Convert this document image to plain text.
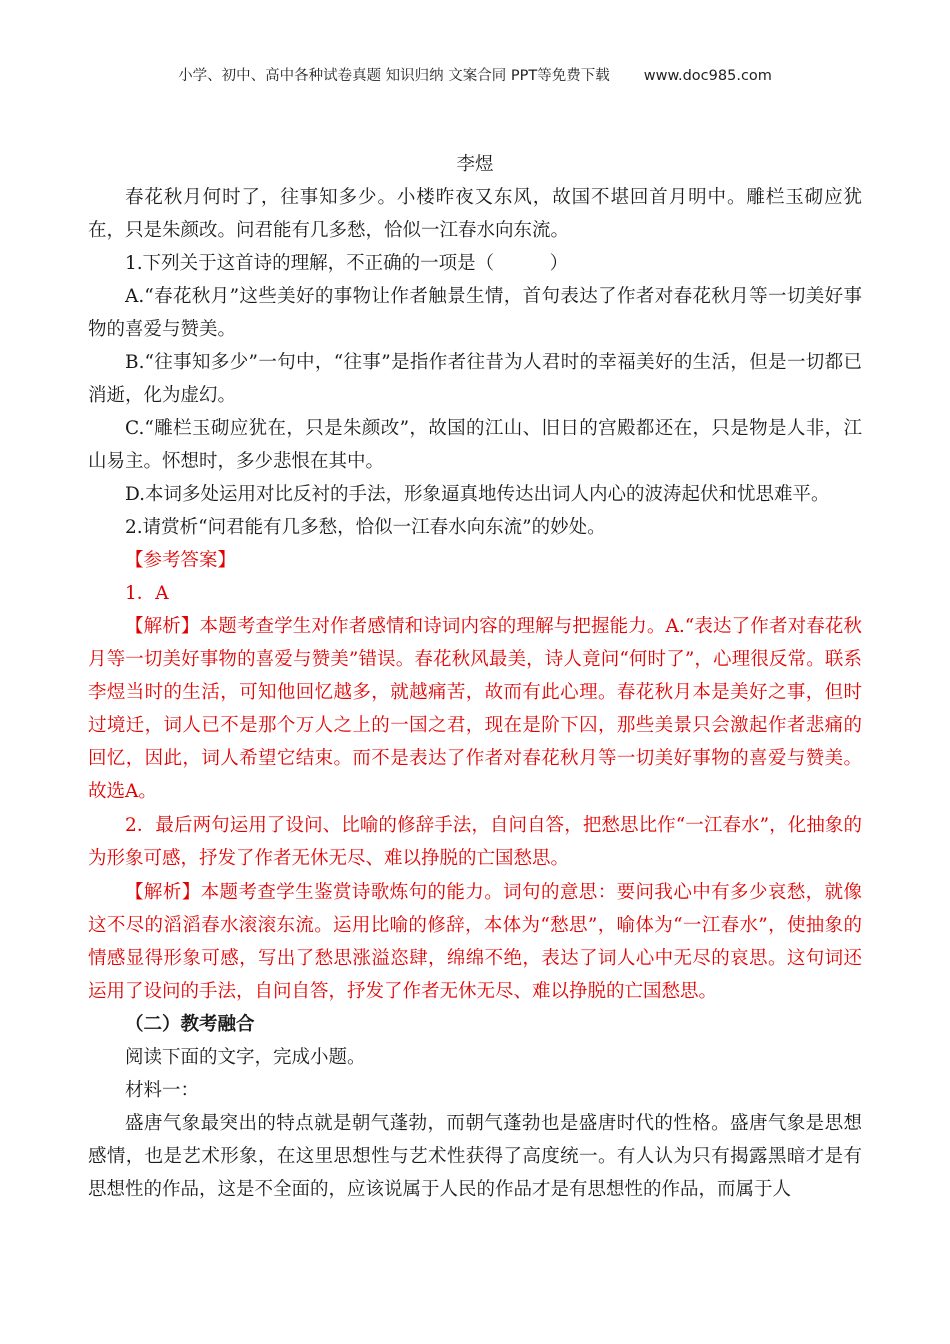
小学、初中、高中各种试卷真题 知识归纳 文案合同 PPT等免费下载 www.doc985.com

李煜

春花秋月何时了，往事知多少。小楼昨夜又东风，故国不堪回首月明中。雕栏玉砌应犹在，只是朱颜改。问君能有几多愁，恰似一江春水向东流。

1.下列关于这首诗的理解，不正确的一项是（　　　）

A.“春花秋月”这些美好的事物让作者触景生情，首句表达了作者对春花秋月等一切美好事物的喜爱与赞美。

B.“往事知多少”一句中，“往事”是指作者往昔为人君时的幸福美好的生活，但是一切都已消逝，化为虚幻。

C.“雕栏玉砌应犹在，只是朱颜改”，故国的江山、旧日的宫殿都还在，只是物是人非，江山易主。怀想时，多少悲恨在其中。

D.本词多处运用对比反衬的手法，形象逼真地传达出词人内心的波涛起伏和忧思难平。

2.请赏析“问君能有几多愁，恰似一江春水向东流”的妙处。

【参考答案】

1．A

【解析】本题考查学生对作者感情和诗词内容的理解与把握能力。A.“表达了作者对春花秋月等一切美好事物的喜爱与赞美”错误。春花秋风最美，诗人竟问“何时了”，心理很反常。联系李煜当时的生活，可知他回忆越多，就越痛苦，故而有此心理。春花秋月本是美好之事，但时过境迁，词人已不是那个万人之上的一国之君，现在是阶下囚，那些美景只会激起作者悲痛的回忆，因此，词人希望它结束。而不是表达了作者对春花秋月等一切美好事物的喜爱与赞美。故选A。

2．最后两句运用了设问、比喻的修辞手法，自问自答，把愁思比作“一江春水”，化抽象的为形象可感，抒发了作者无休无尽、难以挣脱的亡国愁思。

【解析】本题考查学生鉴赏诗歌炼句的能力。词句的意思：要问我心中有多少哀愁，就像这不尽的滔滔春水滚滚东流。运用比喻的修辞，本体为“愁思”，喻体为“一江春水”，使抽象的情感显得形象可感，写出了愁思涨溢恣肆，绵绵不绝，表达了词人心中无尽的哀思。这句词还运用了设问的手法，自问自答，抒发了作者无休无尽、难以挣脱的亡国愁思。

（二）教考融合

阅读下面的文字，完成小题。

材料一：

盛唐气象最突出的特点就是朝气蓬勃，而朝气蓬勃也是盛唐时代的性格。盛唐气象是思想感情，也是艺术形象，在这里思想性与艺术性获得了高度统一。有人认为只有揭露黑暗才是有思想性的作品，这是不全面的，应该说属于人民的作品才是有思想性的作品，而属于人
